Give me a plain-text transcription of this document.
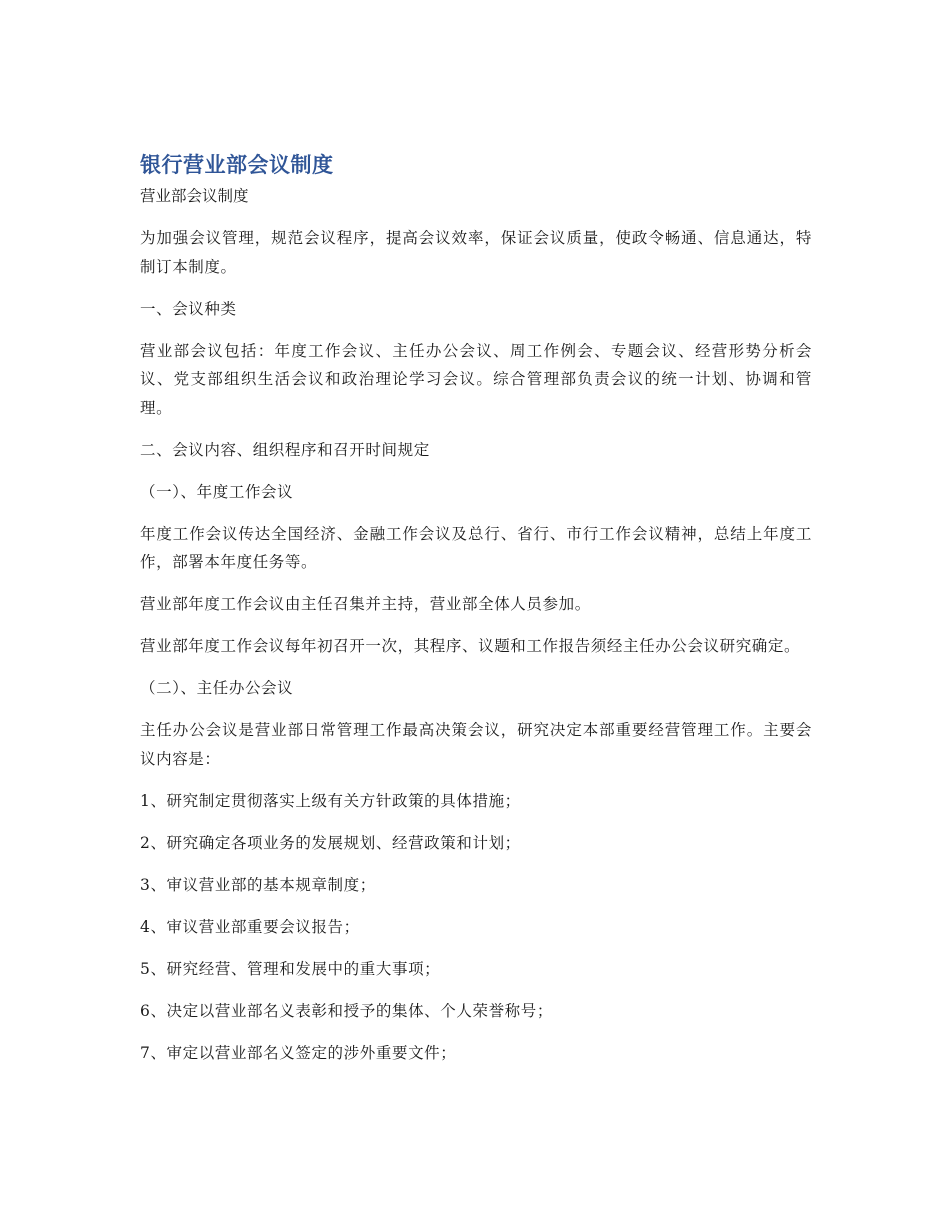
银行营业部会议制度

营业部会议制度

为加强会议管理，规范会议程序，提高会议效率，保证会议质量，使政令畅通、信息通达，特制订本制度。

一、会议种类

营业部会议包括：年度工作会议、主任办公会议、周工作例会、专题会议、经营形势分析会议、党支部组织生活会议和政治理论学习会议。综合管理部负责会议的统一计划、协调和管理。

二、会议内容、组织程序和召开时间规定

（一）、年度工作会议

年度工作会议传达全国经济、金融工作会议及总行、省行、市行工作会议精神，总结上年度工作，部署本年度任务等。

营业部年度工作会议由主任召集并主持，营业部全体人员参加。

营业部年度工作会议每年初召开一次，其程序、议题和工作报告须经主任办公会议研究确定。

（二）、主任办公会议

主任办公会议是营业部日常管理工作最高决策会议，研究决定本部重要经营管理工作。主要会议内容是：

1、研究制定贯彻落实上级有关方针政策的具体措施；

2、研究确定各项业务的发展规划、经营政策和计划；

3、审议营业部的基本规章制度；

4、审议营业部重要会议报告；

5、研究经营、管理和发展中的重大事项；

6、决定以营业部名义表彰和授予的集体、个人荣誉称号；

7、审定以营业部名义签定的涉外重要文件；
